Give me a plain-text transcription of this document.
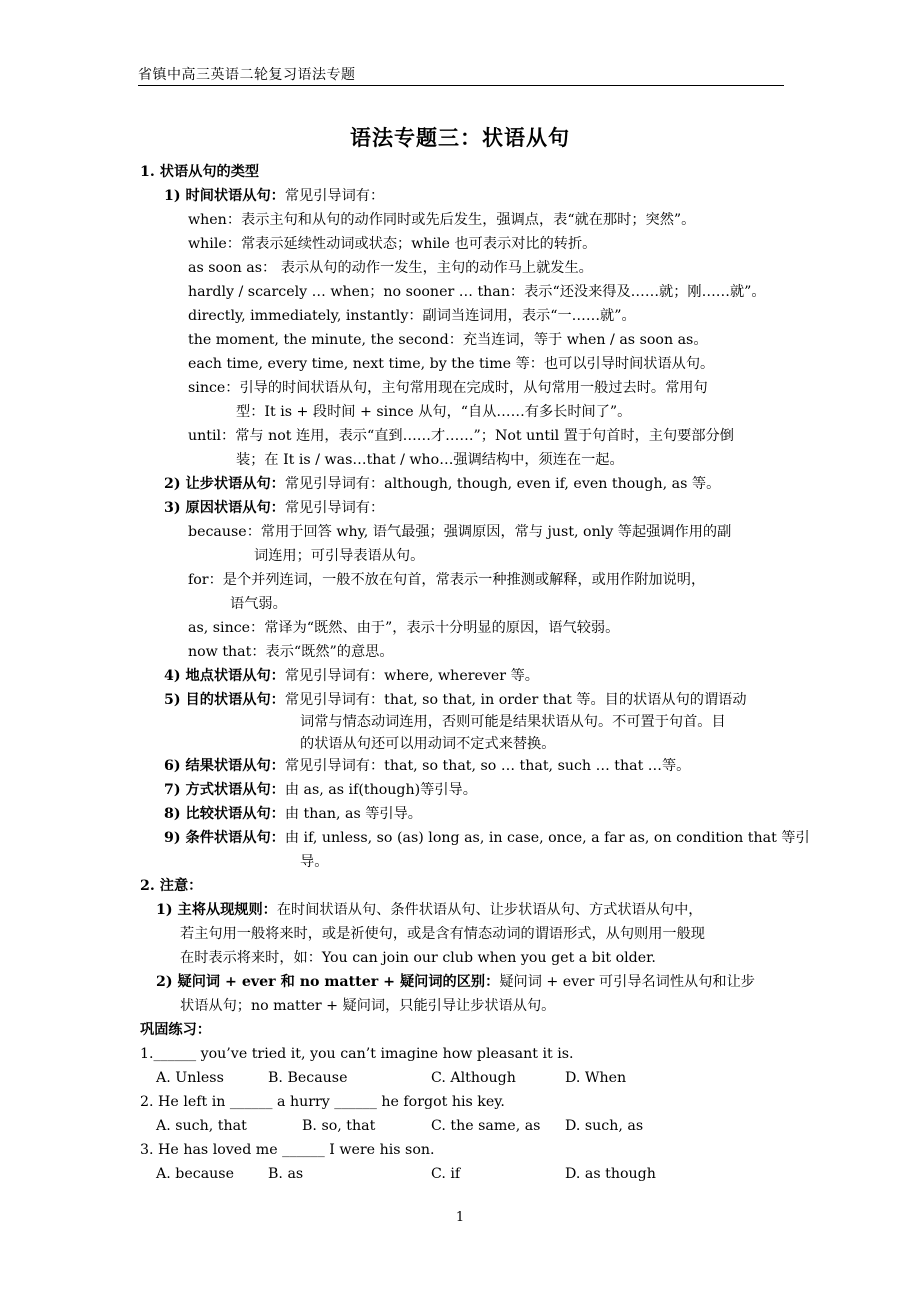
省镇中高三英语二轮复习语法专题
语法专题三：状语从句
1. 状语从句的类型
1) 时间状语从句：常见引导词有：
when：表示主句和从句的动作同时或先后发生，强调点，表“就在那时；突然”。
while：常表示延续性动词或状态；while 也可表示对比的转折。
as soon as： 表示从句的动作一发生，主句的动作马上就发生。
hardly / scarcely … when；no sooner … than：表示“还没来得及……就；刚……就”。
directly, immediately, instantly：副词当连词用，表示“一……就”。
the moment, the minute, the second：充当连词，等于 when / as soon as。
each time, every time, next time, by the time 等：也可以引导时间状语从句。
since：引导的时间状语从句，主句常用现在完成时，从句常用一般过去时。常用句
型：It is + 段时间 + since 从句，“自从……有多长时间了”。
until：常与 not 连用，表示“直到……才……”；Not until 置于句首时，主句要部分倒
装；在 It is / was…that / who…强调结构中，须连在一起。
2) 让步状语从句：常见引导词有：although, though, even if, even though, as 等。
3) 原因状语从句：常见引导词有：
because：常用于回答 why, 语气最强；强调原因，常与 just, only 等起强调作用的副
词连用；可引导表语从句。
for：是个并列连词，一般不放在句首，常表示一种推测或解释，或用作附加说明，
语气弱。
as, since：常译为“既然、由于”，表示十分明显的原因，语气较弱。
now that：表示“既然”的意思。
4) 地点状语从句：常见引导词有：where, wherever 等。
5) 目的状语从句：常见引导词有：that, so that, in order that 等。目的状语从句的谓语动
词常与情态动词连用，否则可能是结果状语从句。不可置于句首。目
的状语从句还可以用动词不定式来替换。
6) 结果状语从句：常见引导词有：that, so that, so … that, such … that …等。
7) 方式状语从句：由 as, as if(though)等引导。
8) 比较状语从句：由 than, as 等引导。
9) 条件状语从句：由 if, unless, so (as) long as, in case, once, a far as, on condition that 等引
导。
2. 注意：
1) 主将从现规则：在时间状语从句、条件状语从句、让步状语从句、方式状语从句中，
若主句用一般将来时，或是祈使句，或是含有情态动词的谓语形式，从句则用一般现
在时表示将来时，如：You can join our club when you get a bit older.
2) 疑问词 + ever 和 no matter + 疑问词的区别：疑问词 + ever 可引导名词性从句和让步
状语从句；no matter + 疑问词，只能引导让步状语从句。
巩固练习：
1.______ you’ve tried it, you can’t imagine how pleasant it is.
A. Unless	B. Because	C. Although	D. When
2. He left in ______ a hurry ______ he forgot his key.
A. such, that	B. so, that	C. the same, as D. such, as
3. He has loved me ______ I were his son.
A. because B. as	C. if	D. as though
1
